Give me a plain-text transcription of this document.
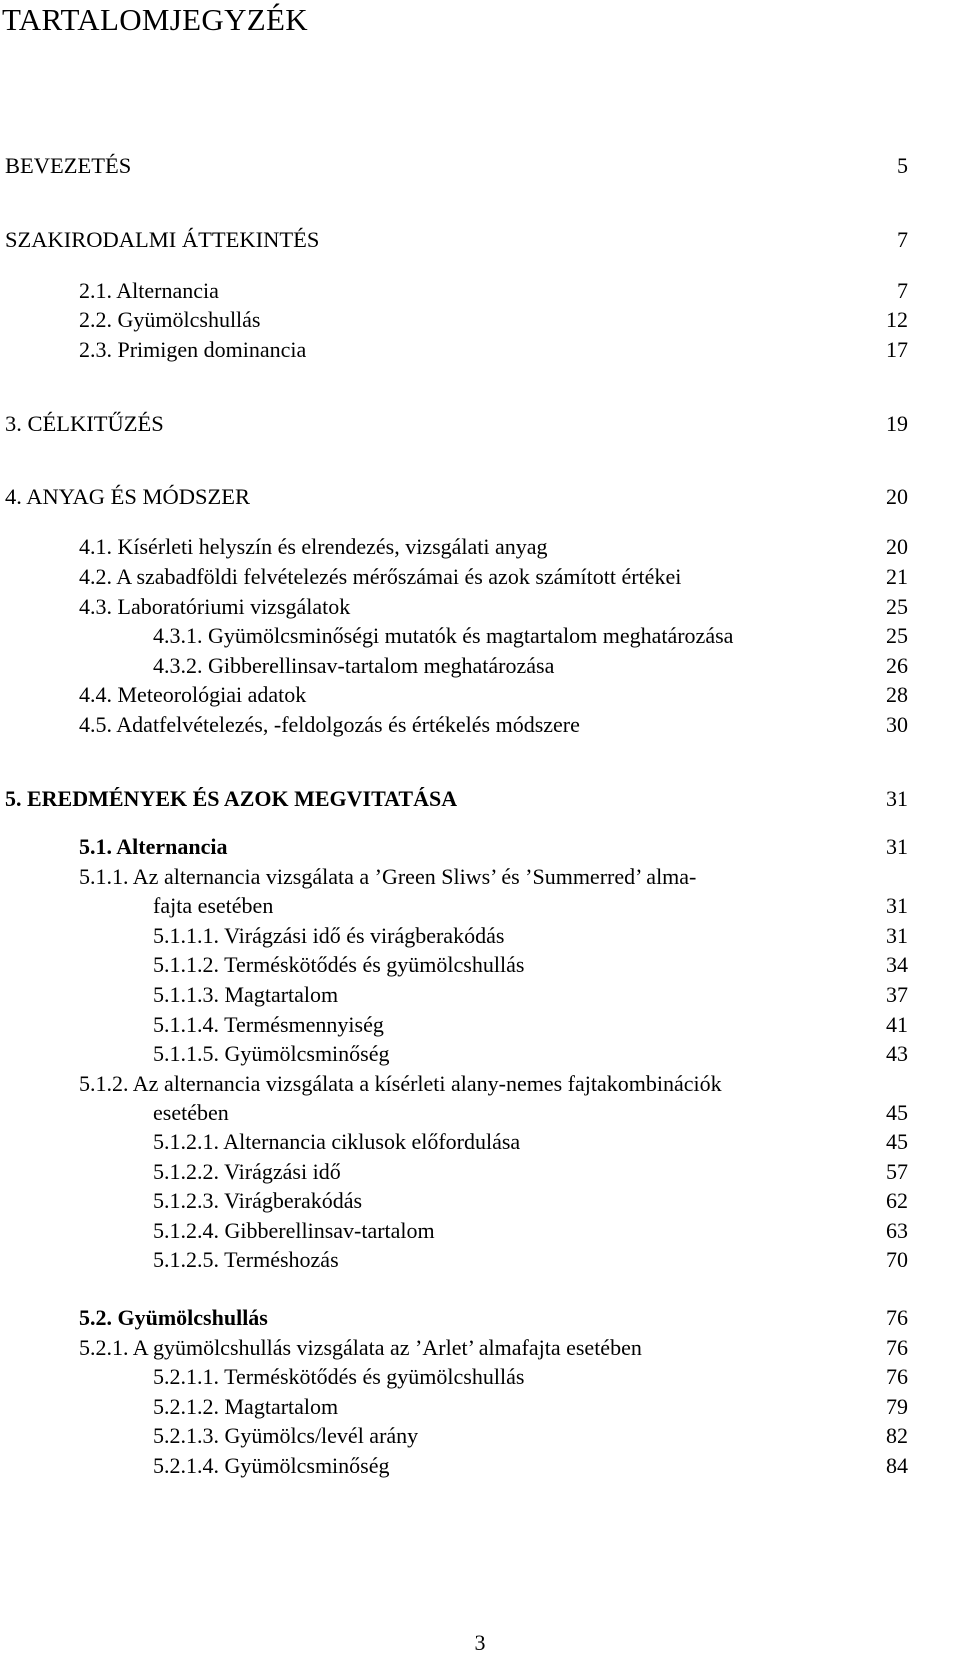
TARTALOMJEGYZÉK
BEVEZETÉS	5
SZAKIRODALMI ÁTTEKINTÉS	7
2.1. Alternancia	7
2.2. Gyümölcshullás	12
2.3. Primigen dominancia	17
3. CÉLKITŰZÉS	19
4. ANYAG ÉS MÓDSZER	20
4.1. Kísérleti helyszín és elrendezés, vizsgálati anyag	20
4.2. A szabadföldi felvételezés mérőszámai és azok számított értékei	21
4.3. Laboratóriumi vizsgálatok	25
4.3.1. Gyümölcsminőségi mutatók és magtartalom meghatározása	25
4.3.2. Gibberellinsav-tartalom meghatározása	26
4.4. Meteorológiai adatok	28
4.5. Adatfelvételezés, -feldolgozás és értékelés módszere	30
5. EREDMÉNYEK ÉS AZOK MEGVITATÁSA	31
5.1. Alternancia	31
5.1.1. Az alternancia vizsgálata a ’Green Sliws’ és ’Summerred’ alma-
fajta esetében	31
5.1.1.1. Virágzási idő és virágberakódás	31
5.1.1.2. Terméskötődés és gyümölcshullás	34
5.1.1.3. Magtartalom	37
5.1.1.4. Termésmennyiség	41
5.1.1.5. Gyümölcsminőség	43
5.1.2. Az alternancia vizsgálata a kísérleti alany-nemes fajtakombinációk
esetében	45
5.1.2.1. Alternancia ciklusok előfordulása	45
5.1.2.2. Virágzási idő	57
5.1.2.3. Virágberakódás	62
5.1.2.4. Gibberellinsav-tartalom	63
5.1.2.5. Terméshozás	70
5.2. Gyümölcshullás	76
5.2.1. A gyümölcshullás vizsgálata az ’Arlet’ almafajta esetében	76
5.2.1.1. Terméskötődés és gyümölcshullás	76
5.2.1.2. Magtartalom	79
5.2.1.3. Gyümölcs/levél arány	82
5.2.1.4. Gyümölcsminőség	84
3
